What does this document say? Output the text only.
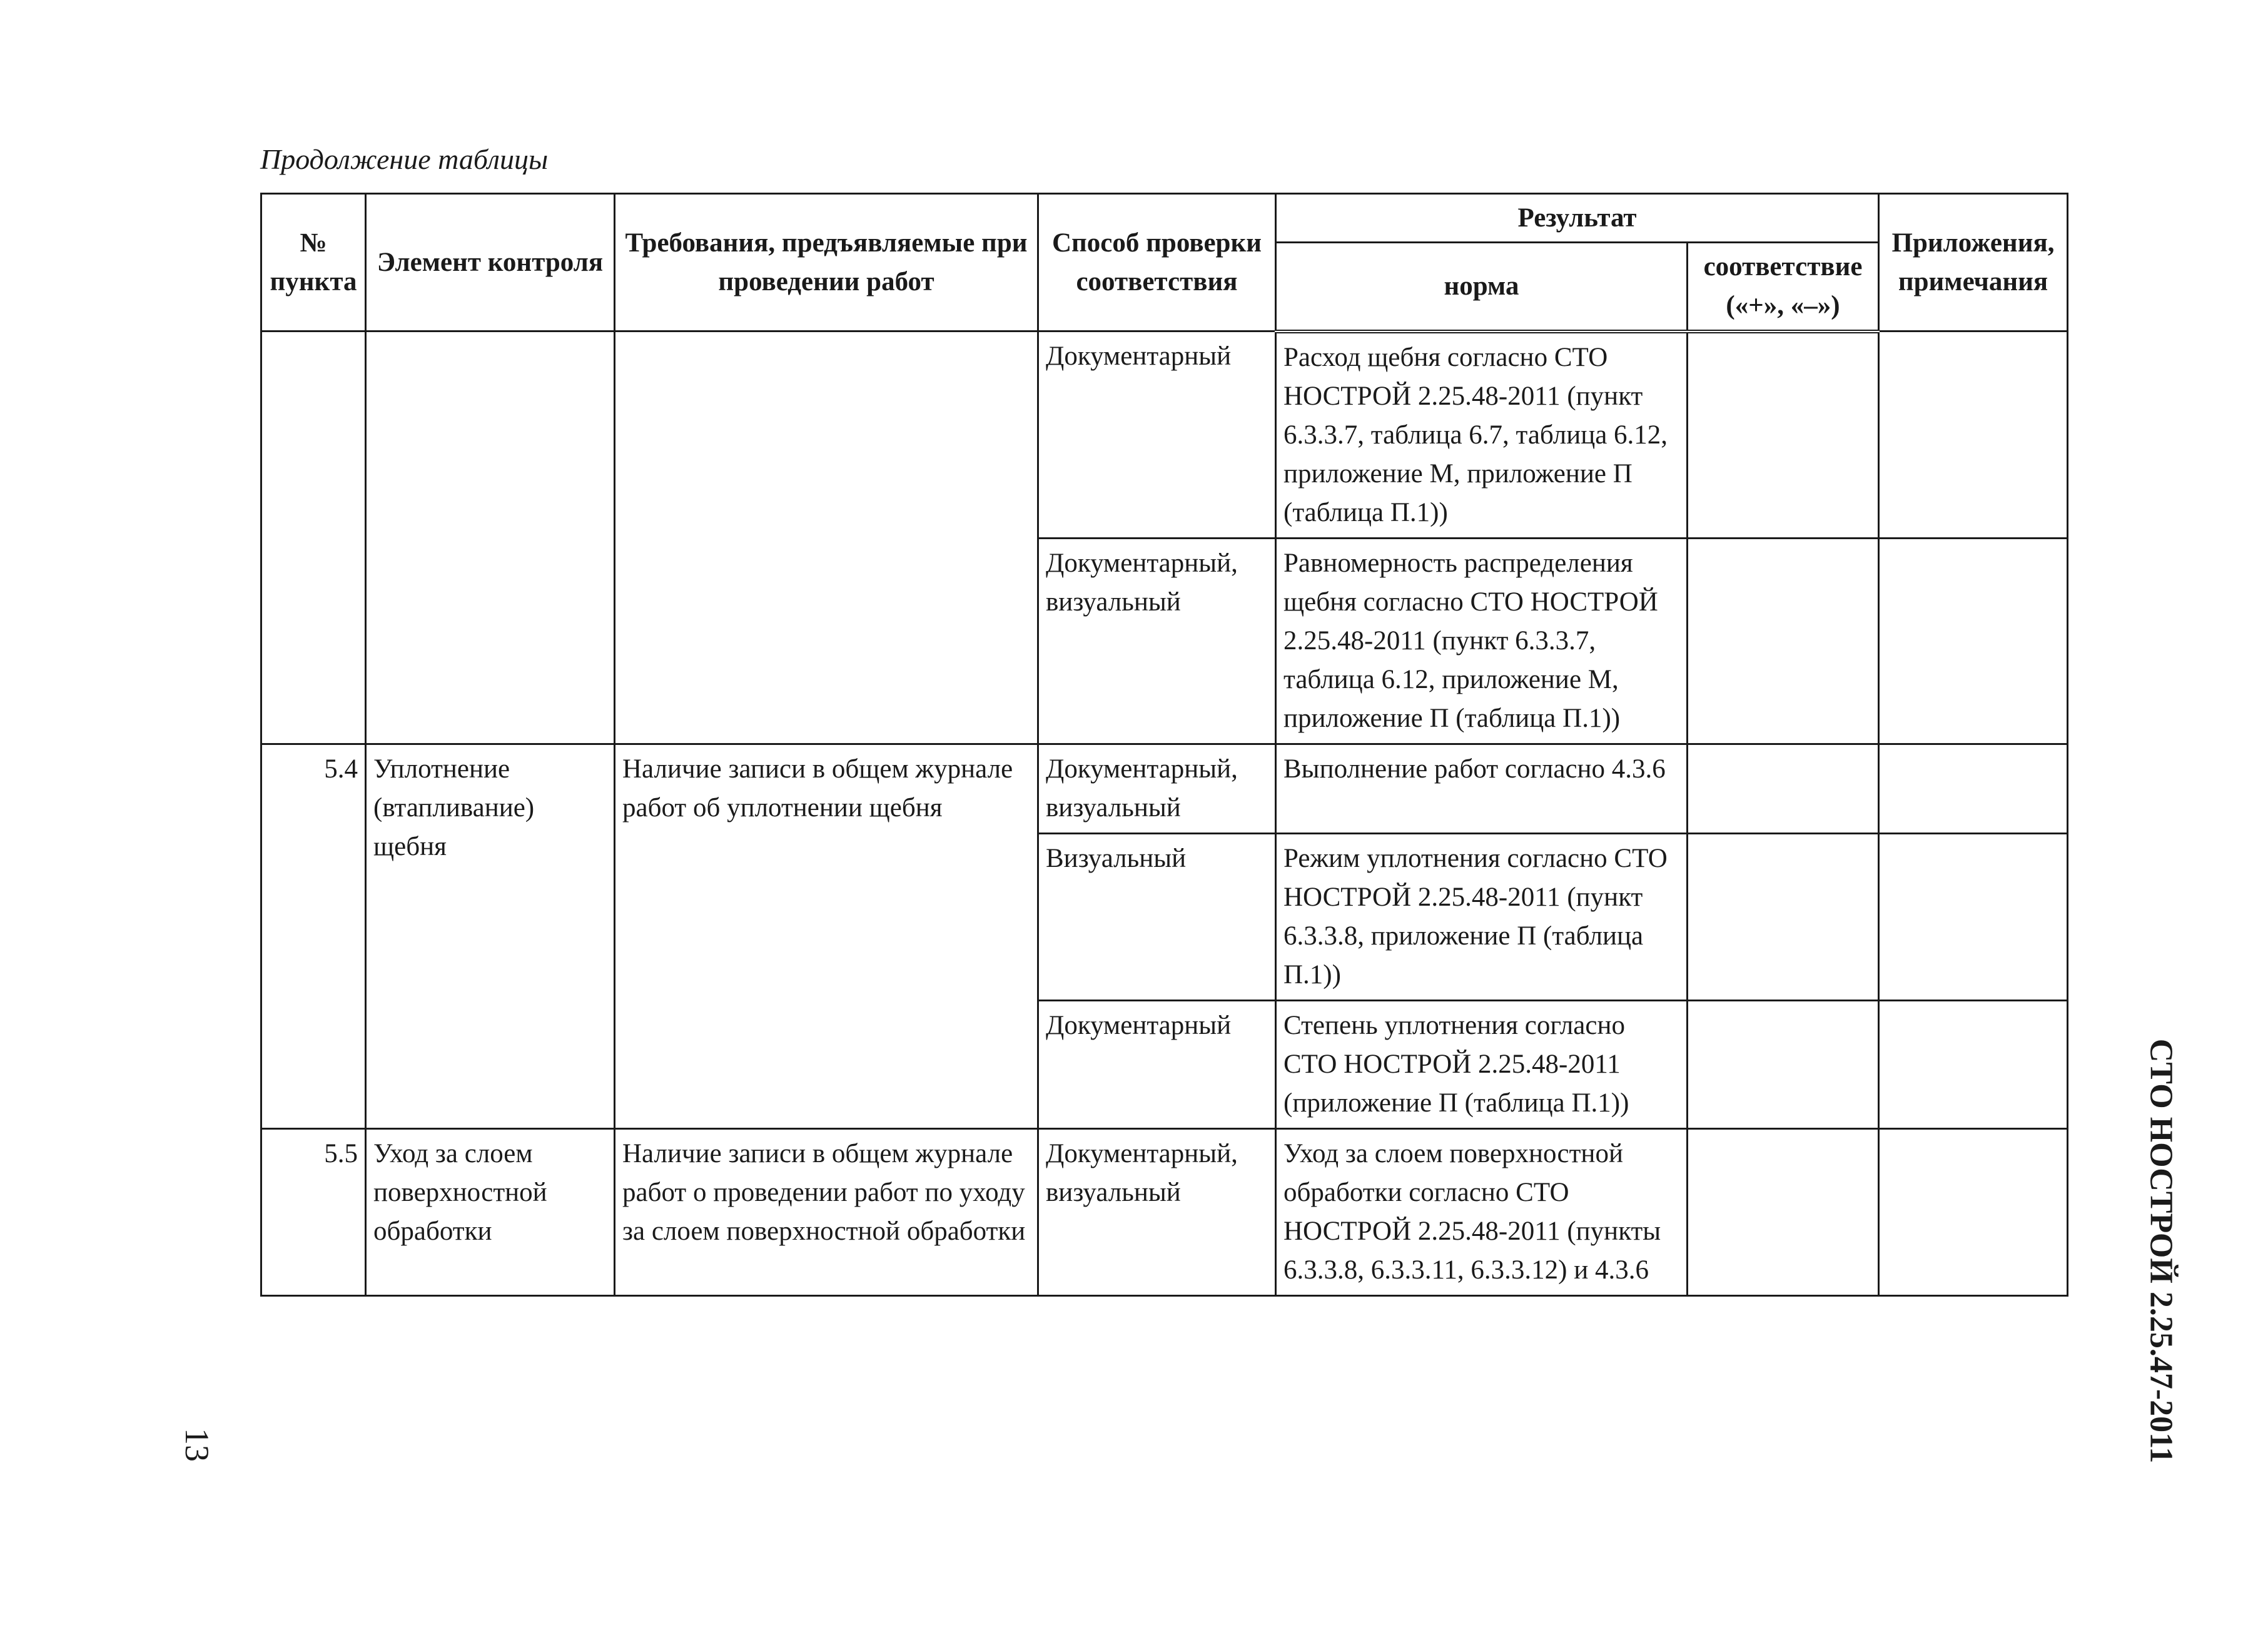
Продолжение таблицы
№ пункта	Элемент контроля	Требования, предъявляемые при проведении работ	Способ проверки соответствия	Результат		Приложения, примечания
				норма	соответствие («+», «–»)	
			Документарный	Расход щебня согласно СТО НОСТРОЙ 2.25.48-2011 (пункт 6.3.3.7, таблица 6.7, таблица 6.12, приложение М, приложение П (таблица П.1))		
			Документарный, визуальный	Равномерность распределения щебня согласно СТО НОСТРОЙ 2.25.48-2011 (пункт 6.3.3.7, таблица 6.12, приложение М, приложение П (таблица П.1))		
5.4	Уплотнение (втапливание) щебня	Наличие записи в общем журнале работ об уплотнении щебня	Документарный, визуальный	Выполнение работ согласно 4.3.6		
			Визуальный	Режим уплотнения согласно СТО НОСТРОЙ 2.25.48-2011 (пункт 6.3.3.8, приложение П (таблица П.1))		
			Документарный	Степень уплотнения согласно СТО НОСТРОЙ 2.25.48-2011 (приложение П (таблица П.1))		
5.5	Уход за слоем поверхностной обработки	Наличие записи в общем журнале работ о проведении работ по уходу за слоем поверхностной обработки	Документарный, визуальный	Уход за слоем поверхностной обработки согласно СТО НОСТРОЙ 2.25.48-2011 (пункты 6.3.3.8, 6.3.3.11, 6.3.3.12) и 4.3.6			СТО НОСТРОЙ 2.25.47-2011
13
